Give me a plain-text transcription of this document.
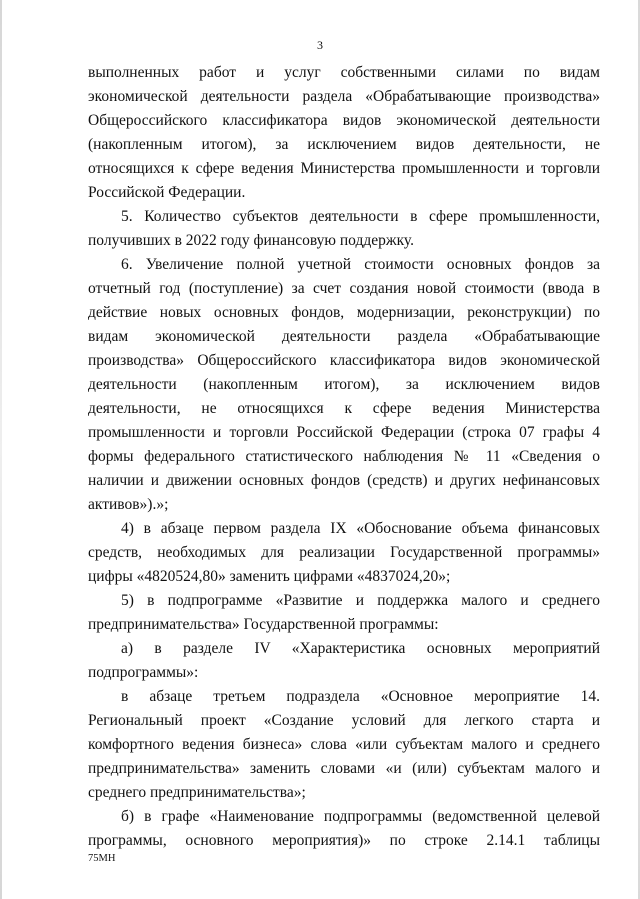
3
выполненных работ и услуг собственными силами по видам
экономической деятельности раздела «Обрабатывающие производства»
Общероссийского классификатора видов экономической деятельности
(накопленным итогом), за исключением видов деятельности, не
относящихся к сфере ведения Министерства промышленности и торговли
Российской Федерации.
5. Количество субъектов деятельности в сфере промышленности,
получивших в 2022 году финансовую поддержку.
6. Увеличение полной учетной стоимости основных фондов за
отчетный год (поступление) за счет создания новой стоимости (ввода в
действие новых основных фондов, модернизации, реконструкции) по
видам экономической деятельности раздела «Обрабатывающие
производства» Общероссийского классификатора видов экономической
деятельности (накопленным итогом), за исключением видов
деятельности, не относящихся к сфере ведения Министерства
промышленности и торговли Российской Федерации (строка 07 графы 4
формы федерального статистического наблюдения № 11 «Сведения о
наличии и движении основных фондов (средств) и других нефинансовых
активов»).»;
4) в абзаце первом раздела IX «Обоснование объема финансовых
средств, необходимых для реализации Государственной программы»
цифры «4820524,80» заменить цифрами «4837024,20»;
5) в подпрограмме «Развитие и поддержка малого и среднего
предпринимательства» Государственной программы:
а) в разделе IV «Характеристика основных мероприятий
подпрограммы»:
в абзаце третьем подраздела «Основное мероприятие 14.
Региональный проект «Создание условий для легкого старта и
комфортного ведения бизнеса» слова «или субъектам малого и среднего
предпринимательства» заменить словами «и (или) субъектам малого и
среднего предпринимательства»;
б) в графе «Наименование подпрограммы (ведомственной целевой
программы, основного мероприятия)» по строке 2.14.1 таблицы
75МН
